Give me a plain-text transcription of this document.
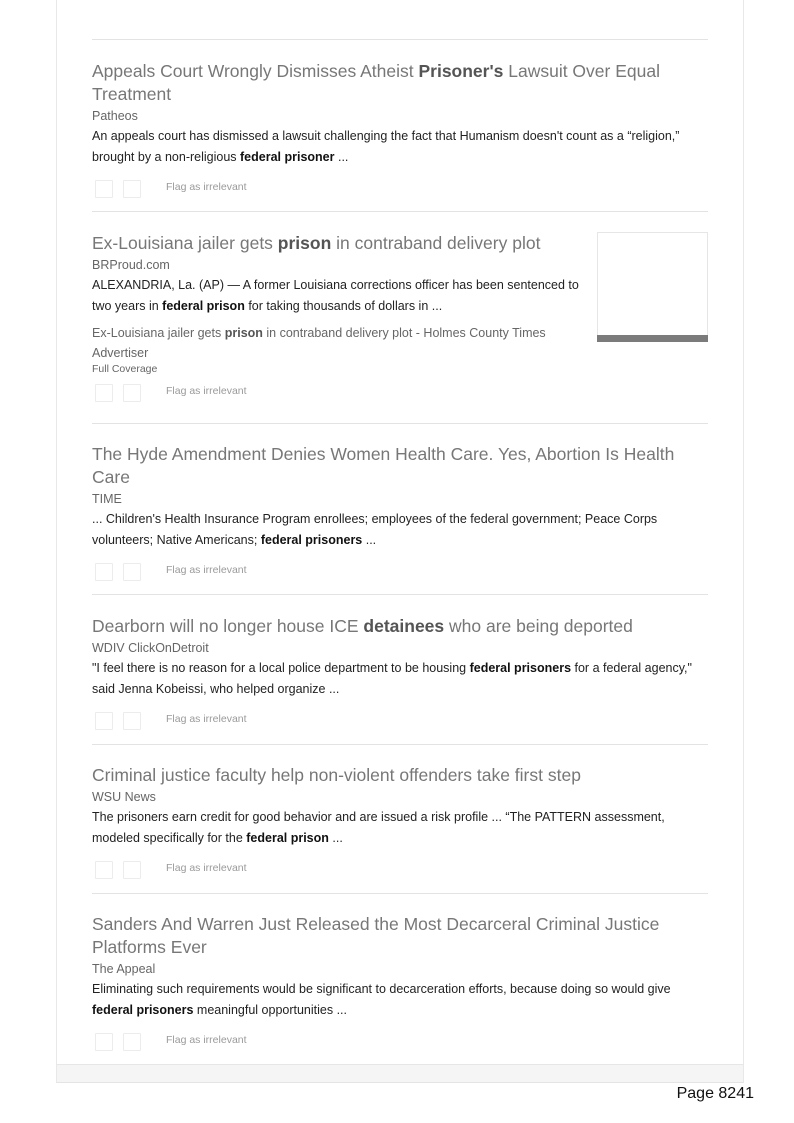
Appeals Court Wrongly Dismisses Atheist Prisoner's Lawsuit Over Equal Treatment
Patheos
An appeals court has dismissed a lawsuit challenging the fact that Humanism doesn't count as a “religion,” brought by a non-religious federal prisoner ...
Flag as irrelevant
Ex-Louisiana jailer gets prison in contraband delivery plot
BRProud.com
ALEXANDRIA, La. (AP) — A former Louisiana corrections officer has been sentenced to two years in federal prison for taking thousands of dollars in ...
Ex-Louisiana jailer gets prison in contraband delivery plot - Holmes County Times Advertiser
Full Coverage
Flag as irrelevant
The Hyde Amendment Denies Women Health Care. Yes, Abortion Is Health Care
TIME
... Children's Health Insurance Program enrollees; employees of the federal government; Peace Corps volunteers; Native Americans; federal prisoners ...
Flag as irrelevant
Dearborn will no longer house ICE detainees who are being deported
WDIV ClickOnDetroit
"I feel there is no reason for a local police department to be housing federal prisoners for a federal agency," said Jenna Kobeissi, who helped organize ...
Flag as irrelevant
Criminal justice faculty help non-violent offenders take first step
WSU News
The prisoners earn credit for good behavior and are issued a risk profile ... “The PATTERN assessment, modeled specifically for the federal prison ...
Flag as irrelevant
Sanders And Warren Just Released the Most Decarceral Criminal Justice Platforms Ever
The Appeal
Eliminating such requirements would be significant to decarceration efforts, because doing so would give federal prisoners meaningful opportunities ...
Flag as irrelevant
Page 8241
